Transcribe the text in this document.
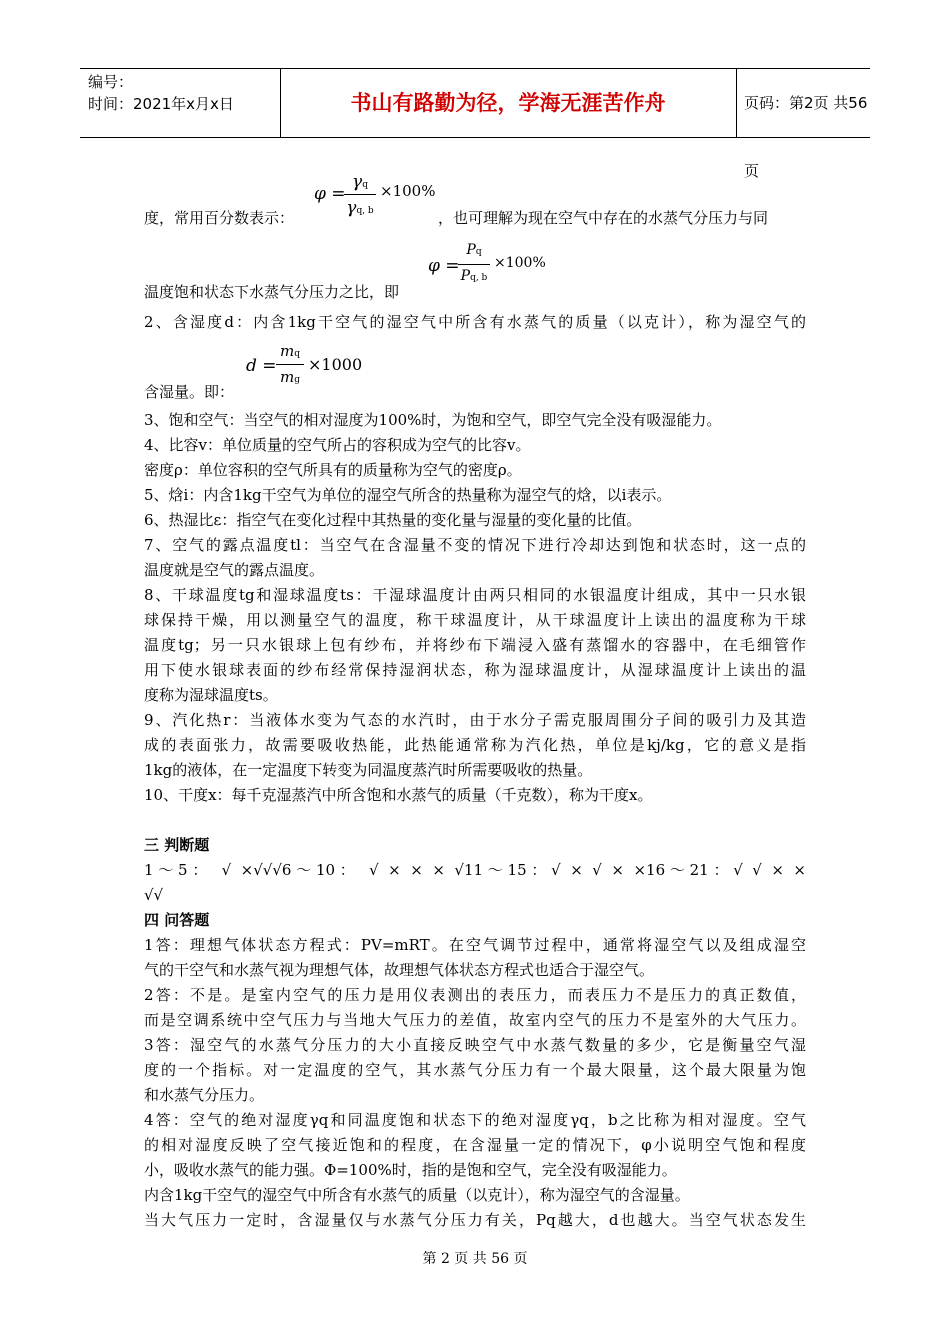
编号：
时间：2021年x月x日	书山有路勤为径，学海无涯苦作舟	页码：第2页 共56页
φ =
γq
γq, b
×100%
φ =
Pq
Pq, b
×100%
d =
mq
mg
×1000
度，常用百分数表示：	，也可理解为现在空气中存在的水蒸气分压力与同
温度饱和状态下水蒸气分压力之比，即
2、含湿度d：内含1kg干空气的湿空气中所含有水蒸气的质量（以克计），称为湿空气的
含湿量。即：
3、饱和空气：当空气的相对湿度为100%时，为饱和空气，即空气完全没有吸湿能力。
4、比容v：单位质量的空气所占的容积成为空气的比容v。
密度ρ：单位容积的空气所具有的质量称为空气的密度ρ。
5、焓i：内含1kg干空气为单位的湿空气所含的热量称为湿空气的焓，以i表示。
6、热湿比ε：指空气在变化过程中其热量的变化量与湿量的变化量的比值。
7、空气的露点温度tl：当空气在含湿量不变的情况下进行冷却达到饱和状态时，这一点的
温度就是空气的露点温度。
8、干球温度tg和湿球温度ts：干湿球温度计由两只相同的水银温度计组成，其中一只水银
球保持干燥，用以测量空气的温度，称干球温度计，从干球温度计上读出的温度称为干球
温度tg；另一只水银球上包有纱布，并将纱布下端浸入盛有蒸馏水的容器中，在毛细管作
用下使水银球表面的纱布经常保持湿润状态，称为湿球温度计，从湿球温度计上读出的温
度称为湿球温度ts。
9、汽化热r：当液体水变为气态的水汽时，由于水分子需克服周围分子间的吸引力及其造
成的表面张力，故需要吸收热能，此热能通常称为汽化热，单位是kj/kg，它的意义是指
1kg的液体，在一定温度下转变为同温度蒸汽时所需要吸收的热量。
10、干度x：每千克湿蒸汽中所含饱和水蒸气的质量（千克数），称为干度x。
三 判断题
1～5： √ ×√√√6～10： √ × × × √11～15：√ × √ × ×16～21：√ √ × ×
√√
四 问答题
1答：理想气体状态方程式：PV=mRT。在空气调节过程中，通常将湿空气以及组成湿空
气的干空气和水蒸气视为理想气体，故理想气体状态方程式也适合于湿空气。
2答：不是。是室内空气的压力是用仪表测出的表压力，而表压力不是压力的真正数值，
而是空调系统中空气压力与当地大气压力的差值，故室内空气的压力不是室外的大气压力。
3答：湿空气的水蒸气分压力的大小直接反映空气中水蒸气数量的多少，它是衡量空气湿
度的一个指标。对一定温度的空气，其水蒸气分压力有一个最大限量，这个最大限量为饱
和水蒸气分压力。
4答：空气的绝对湿度γq和同温度饱和状态下的绝对湿度γq，b之比称为相对湿度。空气
的相对湿度反映了空气接近饱和的程度，在含湿量一定的情况下，φ小说明空气饱和程度
小，吸收水蒸气的能力强。Φ=100%时，指的是饱和空气，完全没有吸湿能力。
内含1kg干空气的湿空气中所含有水蒸气的质量（以克计），称为湿空气的含湿量。
当大气压力一定时，含湿量仅与水蒸气分压力有关，Pq越大，d也越大。当空气状态发生
第 2 页 共 56 页
